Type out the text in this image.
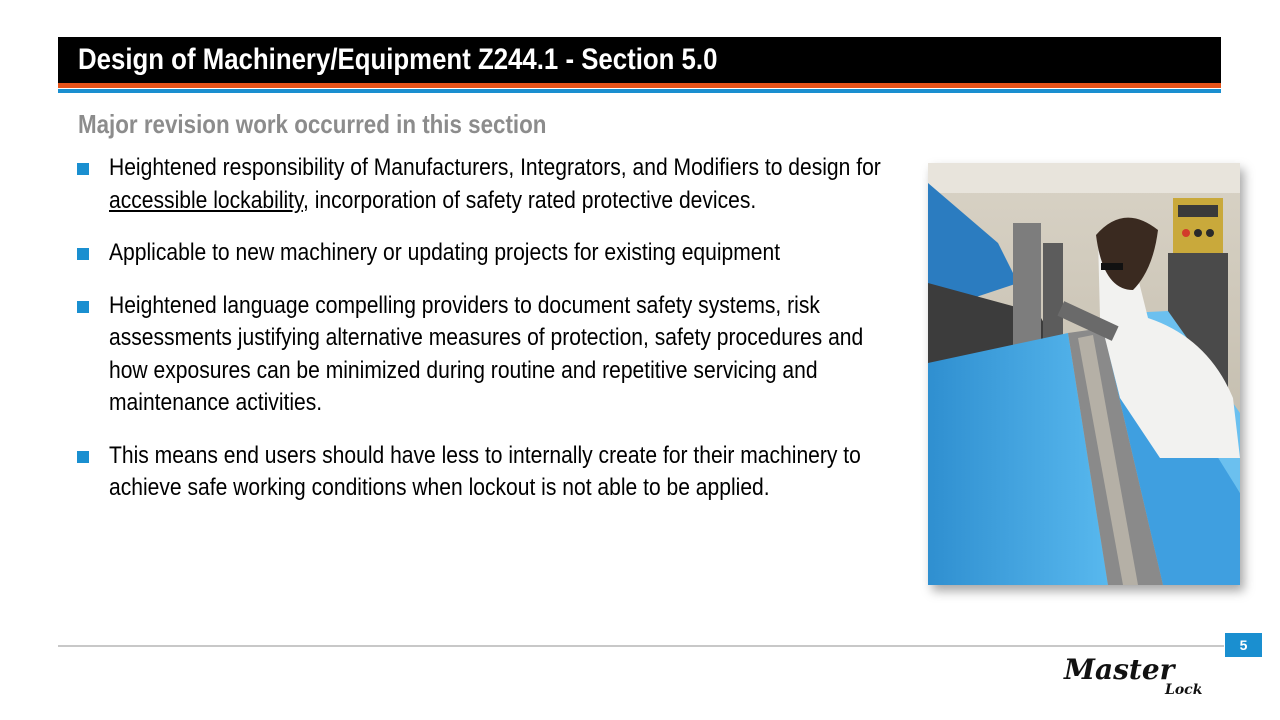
Design of Machinery/Equipment Z244.1 - Section 5.0
Major revision work occurred in this section
Heightened responsibility of Manufacturers, Integrators, and Modifiers to design for accessible lockability, incorporation of safety rated protective devices.
Applicable to new machinery or updating projects for existing equipment
Heightened language compelling providers to document safety systems, risk assessments justifying alternative measures of protection, safety procedures and how exposures can be minimized during routine and repetitive servicing and maintenance activities.
This means end users should have less to internally create for their machinery to achieve safe working conditions when lockout is not able to be applied.
5
Master
Lock
